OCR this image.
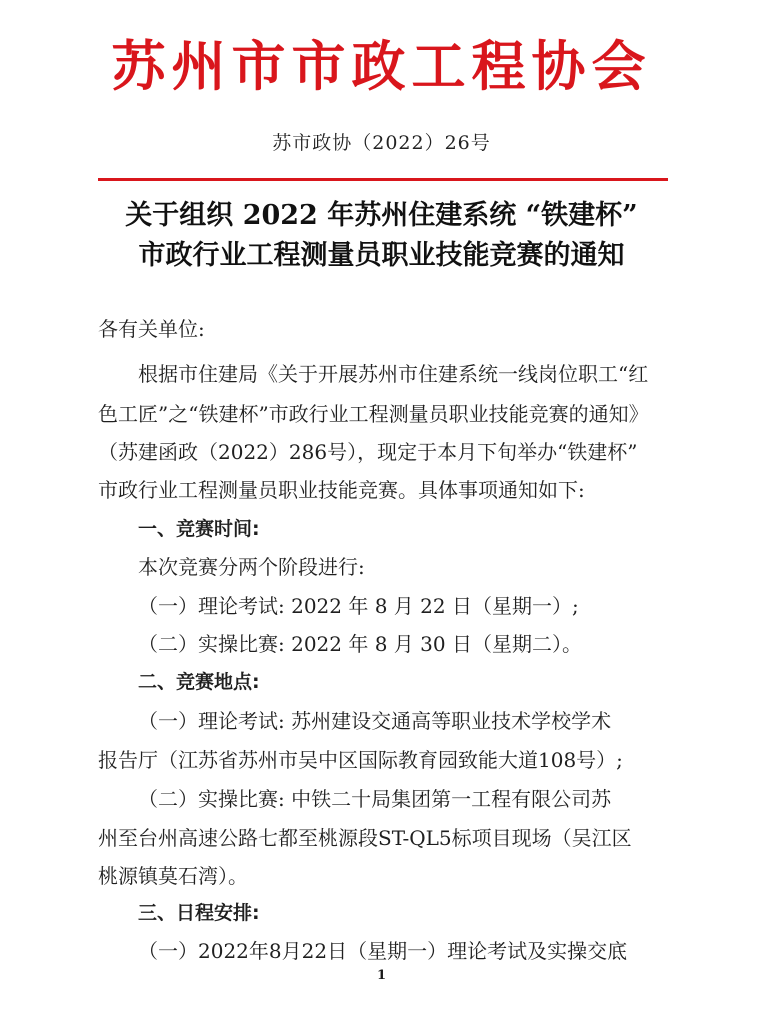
苏州市市政工程协会
苏市政协（2022）26号
关于组织 2022 年苏州住建系统 “铁建杯”
市政行业工程测量员职业技能竞赛的通知
各有关单位:
根据市住建局《关于开展苏州市住建系统一线岗位职工“红
色工匠”之“铁建杯”市政行业工程测量员职业技能竞赛的通知》
（苏建函政（2022）286号），现定于本月下旬举办“铁建杯”
市政行业工程测量员职业技能竞赛。具体事项通知如下:
一、竞赛时间:
本次竞赛分两个阶段进行:
（一）理论考试: 2022 年 8 月 22 日（星期一）;
（二）实操比赛: 2022 年 8 月 30 日（星期二）。
二、竞赛地点:
（一）理论考试: 苏州建设交通高等职业技术学校学术
报告厅（江苏省苏州市吴中区国际教育园致能大道108号）;
（二）实操比赛: 中铁二十局集团第一工程有限公司苏
州至台州高速公路七都至桃源段ST-QL5标项目现场（吴江区
桃源镇莫石湾）。
三、日程安排:
（一）2022年8月22日（星期一）理论考试及实操交底
1
